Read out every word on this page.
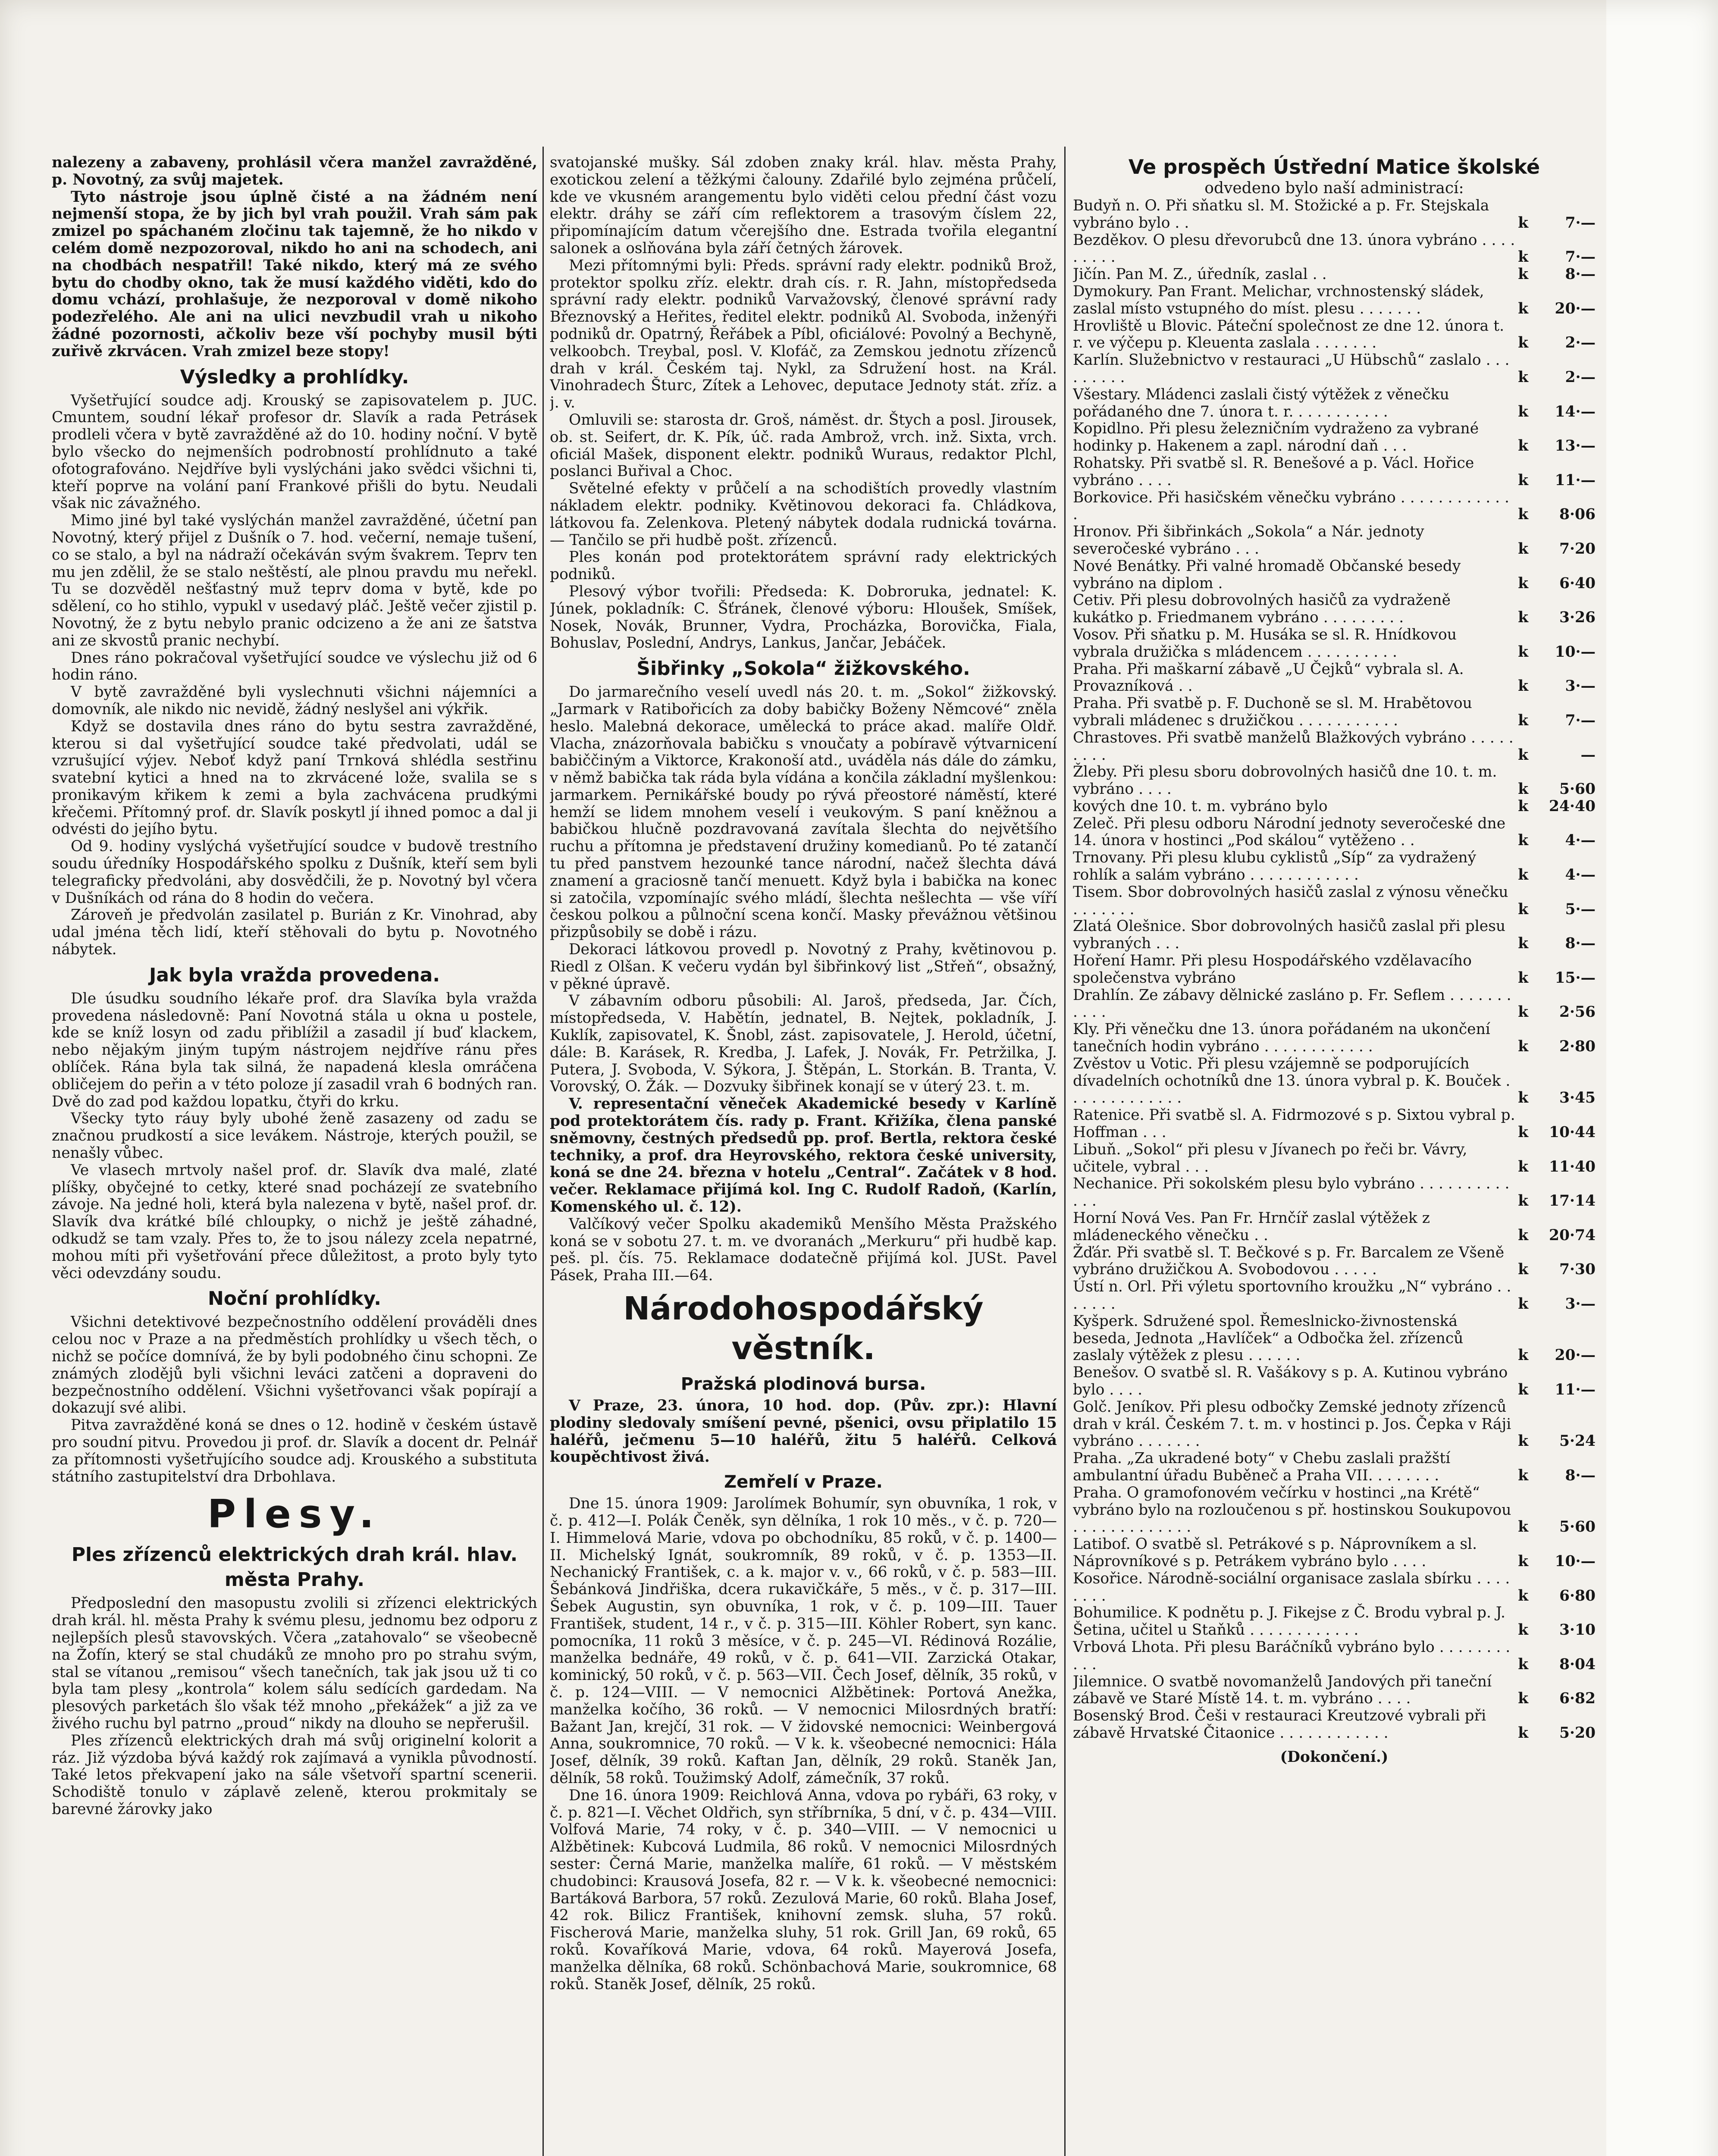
nalezeny a zabaveny, prohlásil včera manžel zavražděné, p. Novotný, za svůj majetek.

Tyto nástroje jsou úplně čisté a na žádném není nejmenší stopa, že by jich byl vrah použil. Vrah sám pak zmizel po spáchaném zločinu tak tajemně, že ho nikdo v celém domě nezpozoroval, nikdo ho ani na schodech, ani na chodbách nespatřil! Také nikdo, který má ze svého bytu do chodby okno, tak že musí každého viděti, kdo do domu vchází, prohlašuje, že nezporoval v domě nikoho podezřelého. Ale ani na ulici nevzbudil vrah u nikoho žádné pozornosti, ačkoliv beze vší pochyby musil býti zuřivě zkrvácen. Vrah zmizel beze stopy!

Výsledky a prohlídky.

Vyšetřující soudce adj. Krouský se zapisovatelem p. JUC. Cmuntem, soudní lékař profesor dr. Slavík a rada Petrásek prodleli včera v bytě zavražděné až do 10. hodiny noční. V bytě bylo všecko do nejmenších podrobností prohlídnuto a také ofotografováno. Nejdříve byli vyslýcháni jako svědci všichni ti, kteří poprve na volání paní Frankové přišli do bytu. Neudali však nic závažného.

Mimo jiné byl také vyslýchán manžel zavražděné, účetní pan Novotný, který přijel z Dušník o 7. hod. večerní, nemaje tušení, co se stalo, a byl na nádraží očekáván svým švakrem. Teprv ten mu jen zdělil, že se stalo neštěstí, ale plnou pravdu mu neřekl. Tu se dozvěděl nešťastný muž teprv doma v bytě, kde po sdělení, co ho stihlo, vypukl v usedavý pláč. Ještě večer zjistil p. Novotný, že z bytu nebylo pranic odcizeno a že ani ze šatstva ani ze skvostů pranic nechybí.

Dnes ráno pokračoval vyšetřující soudce ve výslechu již od 6 hodin ráno.

V bytě zavražděné byli vyslechnuti všichni nájemníci a domovník, ale nikdo nic nevidě, žádný neslyšel ani výkřik.

Když se dostavila dnes ráno do bytu sestra zavražděné, kterou si dal vyšetřující soudce také předvolati, udál se vzrušující výjev. Neboť když paní Trnková shlédla sestřinu svatební kytici a hned na to zkrvácené lože, svalila se s pronikavým křikem k zemi a byla zachvácena prudkými křečemi. Přítomný prof. dr. Slavík poskytl jí ihned pomoc a dal ji odvésti do jejího bytu.

Od 9. hodiny vyslýchá vyšetřující soudce v budově trestního soudu úředníky Hospodářského spolku z Dušník, kteří sem byli telegraficky předvoláni, aby dosvědčili, že p. Novotný byl včera v Dušníkách od rána do 8 hodin do večera.

Zároveň je předvolán zasilatel p. Burián z Kr. Vinohrad, aby udal jména těch lidí, kteří stěhovali do bytu p. Novotného nábytek.

Jak byla vražda provedena.

Dle úsudku soudního lékaře prof. dra Slavíka byla vražda provedena následovně: Paní Novotná stála u okna u postele, kde se kníž losyn od zadu přiblížil a zasadil jí buď klackem, nebo nějakým jiným tupým nástrojem nejdříve ránu přes oblíček. Rána byla tak silná, že napadená klesla omráčena obličejem do peřin a v této poloze jí zasadil vrah 6 bodných ran. Dvě do zad pod každou lopatku, čtyři do krku.

Všecky tyto ráuy byly ubohé ženě zasazeny od zadu se značnou prudkostí a sice levákem. Nástroje, kterých použil, se nenašly vůbec.

Ve vlasech mrtvoly našel prof. dr. Slavík dva malé, zlaté plíšky, obyčejné to cetky, které snad pocházejí ze svatebního závoje. Na jedné holi, která byla nalezena v bytě, našel prof. dr. Slavík dva krátké bílé chloupky, o nichž je ještě záhadné, odkudž se tam vzaly. Přes to, že to jsou nálezy zcela nepatrné, mohou míti při vyšetřování přece důležitost, a proto byly tyto věci odevzdány soudu.

Noční prohlídky.

Všichni detektivové bezpečnostního oddělení prováděli dnes celou noc v Praze a na předměstích prohlídky u všech těch, o nichž se počíce domnívá, že by byli podobného činu schopni. Ze známých zlodějů byli všichni leváci zatčeni a dopraveni do bezpečnostního oddělení. Všichni vyšetřovanci však popírají a dokazují své alibi.

Pitva zavražděné koná se dnes o 12. hodině v českém ústavě pro soudní pitvu. Provedou ji prof. dr. Slavík a docent dr. Pelnář za přítomnosti vyšetřujícího soudce adj. Krouského a substituta státního zastupitelství dra Drbohlava.

Plesy.
Ples zřízenců elektrických drah král. hlav. města Prahy.

Předposlední den masopustu zvolili si zřízenci elektrických drah král. hl. města Prahy k svému plesu, jednomu bez odporu z nejlepších plesů stavovských. Včera „zatahovalo“ se všeobecně na Žofín, který se stal chudáků ze mnoho pro po strahu svým, stal se vítanou „remisou“ všech tanečních, tak jak jsou už ti co byla tam plesy „kontrola“ kolem sálu sedících gardedam. Na plesových parketách šlo však též mnoho „překážek“ a již za ve živého ruchu byl patrno „proud“ nikdy na dlouho se nepřerušil.

Ples zřízenců elektrických drah má svůj originelní kolorit a ráz. Již výzdoba bývá každý rok zajímavá a vynikla původností. Také letos překvapení jako na sále všetvoří spartní scenerii. Schodiště tonulo v záplavě zeleně, kterou prokmitaly se barevné žárovky jako

svatojanské mušky. Sál zdoben znaky král. hlav. města Prahy, exotickou zelení a těžkými čalouny. Zdařilé bylo zejména průčelí, kde ve vkusném arangementu bylo viděti celou přední část vozu elektr. dráhy se září cím reflektorem a trasovým číslem 22, připomínajícím datum včerejšího dne. Estrada tvořila elegantní salonek a oslňována byla září četných žárovek.

Mezi přítomnými byli: Předs. správní rady elektr. podniků Brož, protektor spolku zříz. elektr. drah cís. r. R. Jahn, místopředseda správní rady elektr. podniků Varvažovský, členové správní rady Březnovský a Heřites, ředitel elektr. podniků Al. Svoboda, inženýři podniků dr. Opatrný, Řeřábek a Píbl, oficiálové: Povolný a Bechyně, velkoobch. Treybal, posl. V. Klofáč, za Zemskou jednotu zřízenců drah v král. Českém taj. Nykl, za Sdružení host. na Král. Vinohradech Šturc, Zítek a Lehovec, deputace Jednoty stát. zříz. a j. v.

Omluvili se: starosta dr. Groš, náměst. dr. Štych a posl. Jirousek, ob. st. Seifert, dr. K. Pík, úč. rada Ambrož, vrch. inž. Sixta, vrch. oficiál Mašek, disponent elektr. podniků Wuraus, redaktor Plchl, poslanci Buřival a Choc.

Světelné efekty v průčelí a na schodištích provedly vlastním nákladem elektr. podniky. Květinovou dekoraci fa. Chládkova, látkovou fa. Zelenkova. Pletený nábytek dodala rudnická továrna. — Tančilo se při hudbě pošt. zřízenců.

Ples konán pod protektorátem správní rady elektrických podniků.

Plesový výbor tvořili: Předseda: K. Dobroruka, jednatel: K. Júnek, pokladník: C. Šťránek, členové výboru: Hloušek, Smíšek, Nosek, Novák, Brunner, Vydra, Procházka, Borovička, Fiala, Bohuslav, Poslední, Andrys, Lankus, Jančar, Jebáček.

Šibřinky „Sokola“ žižkovského.

Do jarmarečního veselí uvedl nás 20. t. m. „Sokol“ žižkovský. „Jarmark v Ratibořicích za doby babičky Boženy Němcové“ zněla heslo. Malebná dekorace, umělecká to práce akad. malíře Oldř. Vlacha, znázorňovala babičku s vnoučaty a pobíravě výtvarnicení babiččiným a Viktorce, Krakonoší atd., uváděla nás dále do zámku, v němž babička tak ráda byla vídána a končila základní myšlenkou: jarmarkem. Pernikářské boudy po rývá přeostoré náměstí, které hemží se lidem mnohem veselí i veukovým. S paní kněžnou a babičkou hlučně pozdravovaná zavítala šlechta do největšího ruchu a přítomna je představení družiny komedianů. Po té zatančí tu před panstvem hezounké tance národní, načež šlechta dává znamení a graciosně tančí menuett. Když byla i babička na konec si zatočila, vzpomínajíc svého mládí, šlechta nešlechta — vše víří českou polkou a půlnoční scena končí. Masky převážnou většinou přizpůsobily se době i rázu.

Dekoraci látkovou provedl p. Novotný z Prahy, květinovou p. Riedl z Olšan. K večeru vydán byl šibřinkový list „Střeň“, obsažný, v pěkné úpravě.

V zábavním odboru působili: Al. Jaroš, předseda, Jar. Čích, místopředseda, V. Habětín, jednatel, B. Nejtek, pokladník, J. Kuklík, zapisovatel, K. Šnobl, zást. zapisovatele, J. Herold, účetní, dále: B. Karásek, R. Kredba, J. Lafek, J. Novák, Fr. Petržilka, J. Putera, J. Svoboda, V. Sýkora, J. Štěpán, L. Storkán. B. Tranta, V. Vorovský, O. Žák. — Dozvuky šibřinek konají se v úterý 23. t. m.

V. representační věneček Akademické besedy v Karlíně pod protektorátem čís. rady p. Frant. Křižíka, člena panské sněmovny, čestných předsedů pp. prof. Bertla, rektora české techniky, a prof. dra Heyrovského, rektora české university, koná se dne 24. března v hotelu „Central“. Začátek v 8 hod. večer. Reklamace přijímá kol. Ing C. Rudolf Radoň, (Karlín, Komenského ul. č. 12).

Valčíkový večer Spolku akademiků Menšího Města Pražského koná se v sobotu 27. t. m. ve dvoranách „Merkuru“ při hudbě kap. peš. pl. čís. 75. Reklamace dodatečně přijímá kol. JUSt. Pavel Pásek, Praha III.—64.

Národohospodářský věstník.
Pražská plodinová bursa.

V Praze, 23. února, 10 hod. dop. (Pův. zpr.): Hlavní plodiny sledovaly smíšení pevné, pšenici, ovsu připlatilo 15 haléřů, ječmenu 5—10 haléřů, žitu 5 haléřů. Celková koupěchtivost živá.

Zemřelí v Praze.

Dne 15. února 1909: Jarolímek Bohumír, syn obuvníka, 1 rok, v č. p. 412—I. Polák Čeněk, syn dělníka, 1 rok 10 měs., v č. p. 720—I. Himmelová Marie, vdova po obchodníku, 85 roků, v č. p. 1400—II. Michelský Ignát, soukromník, 89 roků, v č. p. 1353—II. Nechanický František, c. a k. major v. v., 66 roků, v č. p. 583—III. Šebánková Jindřiška, dcera rukavičkáře, 5 měs., v č. p. 317—III. Šebek Augustin, syn obuvníka, 1 rok, v č. p. 109—III. Tauer František, student, 14 r., v č. p. 315—III. Köhler Robert, syn kanc. pomocníka, 11 roků 3 měsíce, v č. p. 245—VI. Rédinová Rozálie, manželka bednáře, 49 roků, v č. p. 641—VII. Zarzická Otakar, kominický, 50 roků, v č. p. 563—VII. Čech Josef, dělník, 35 roků, v č. p. 124—VIII. — V nemocnici Alžbětinek: Portová Anežka, manželka kočího, 36 roků. — V nemocnici Milosrdných bratří: Bažant Jan, krejčí, 31 rok. — V židovské nemocnici: Weinbergová Anna, soukromnice, 70 roků. — V k. k. všeobecné nemocnici: Hála Josef, dělník, 39 roků. Kaftan Jan, dělník, 29 roků. Staněk Jan, dělník, 58 roků. Toužimský Adolf, zámečník, 37 roků.

Dne 16. února 1909: Reichlová Anna, vdova po rybáři, 63 roky, v č. p. 821—I. Věchet Oldřich, syn stříbrníka, 5 dní, v č. p. 434—VIII. Volfová Marie, 74 roky, v č. p. 340—VIII. — V nemocnici u Alžbětinek: Kubcová Ludmila, 86 roků. V nemocnici Milosrdných sester: Černá Marie, manželka malíře, 61 roků. — V městském chudobinci: Krausová Josefa, 82 r. — V k. k. všeobecné nemocnici: Bartáková Barbora, 57 roků. Zezulová Marie, 60 roků. Blaha Josef, 42 rok. Bilicz František, knihovní zemsk. sluha, 57 roků. Fischerová Marie, manželka sluhy, 51 rok. Grill Jan, 69 roků, 65 roků. Kovaříková Marie, vdova, 64 roků. Mayerová Josefa, manželka dělníka, 68 roků. Schönbachová Marie, soukromnice, 68 roků. Staněk Josef, dělník, 25 roků.

Ve prospěch Ústřední Matice školské

odvedeno bylo naší administrací:

Budyň n. O. Při sňatku sl. M. Stožické a p. Fr. Stejskala vybráno bylo . .	k	7·—
Bezděkov. O plesu dřevorubců dne 13. února vybráno . . . . . . . . .	k	7·—
Jičín. Pan M. Z., úředník, zaslal . .	k	8·—
Dymokury. Pan Frant. Melichar, vrchnostenský sládek, zaslal místo vstupného do míst. plesu . . . . . . .	k	20·—
Hrovliště u Blovic. Páteční společnost ze dne 12. února t. r. ve výčepu p. Kleuenta zaslala . . . . . . .	k	2·—
Karlín. Služebnictvo v restauraci „U Hübschů“ zaslalo . . . . . . . . .	k	2·—
Všestary. Mládenci zaslali čistý výtěžek z věnečku pořádaného dne 7. února t. r. . . . . . . . . . .	k	14·—
Kopidlno. Při plesu železničním vydraženo za vybrané hodinky p. Hakenem a zapl. národní daň . . .	k	13·—
Rohatsky. Při svatbě sl. R. Benešové a p. Václ. Hořice vybráno . . . .	k	11·—
Borkovice. Při hasičském věnečku vybráno . . . . . . . . . . . . .	k	8·06
Hronov. Při šibřinkách „Sokola“ a Nár. jednoty severočeské vybráno . . .	k	7·20
Nové Benátky. Při valné hromadě Občanské besedy vybráno na diplom .	k	6·40
Cetiv. Při plesu dobrovolných hasičů za vydraženě kukátko p. Friedmanem vybráno . . . . . . . . .	k	3·26
Vosov. Při sňatku p. M. Husáka se sl. R. Hnídkovou vybrala družička s mládencem . . . . . . . . . .	k	10·—
Praha. Při maškarní zábavě „U Čejků“ vybrala sl. A. Provazníková . .	k	3·—
Praha. Při svatbě p. F. Duchoně se sl. M. Hrabětovou vybrali mládenec s družičkou . . . . . . . . . . .	k	7·—
Chrastoves. Při svatbě manželů Blažkových vybráno . . . . . . . . .	k	—
Žleby. Při plesu sboru dobrovolných hasičů dne 10. t. m. vybráno . . . .	k	5·60
kových dne 10. t. m. vybráno bylo	k	24·40
Zeleč. Při plesu odboru Národní jednoty severočeské dne 14. února v hostinci „Pod skálou“ vytěženo . .	k	4·—
Trnovany. Při plesu klubu cyklistů „Síp“ za vydražený rohlík a salám vybráno . . . . . . . . . . . .	k	4·—
Tisem. Sbor dobrovolných hasičů zaslal z výnosu věnečku . . . . . . .	k	5·—
Zlatá Olešnice. Sbor dobrovolných hasičů zaslal při plesu vybraných . . .	k	8·—
Hoření Hamr. Při plesu Hospodářského vzdělavacího společenstva vybráno	k	15·—
Drahlín. Ze zábavy dělnické zasláno p. Fr. Seflem . . . . . . . . . . .	k	2·56
Kly. Při věnečku dne 13. února pořádaném na ukončení tanečních hodin vybráno . . . . . . . . . . . .	k	2·80
Zvěstov u Votic. Při plesu vzájemně se podporujících dívadelních ochotníků dne 13. února vybral p. K. Bouček . . . . . . . . . . . . .	k	3·45
Ratenice. Při svatbě sl. A. Fidrmozové s p. Sixtou vybral p. Hoffman . . .	k	10·44
Libuň. „Sokol“ při plesu v Jívanech po řeči br. Vávry, učitele, vybral . . .	k	11·40
Nechanice. Při sokolském plesu bylo vybráno . . . . . . . . . . . . .	k	17·14
Horní Nová Ves. Pan Fr. Hrnčíř zaslal výtěžek z mládeneckého věnečku . .	k	20·74
Žďár. Při svatbě sl. T. Bečkové s p. Fr. Barcalem ze Všeně vybráno družičkou A. Svobodovou . . . . .	k	7·30
Ústí n. Orl. Při výletu sportovního kroužku „N“ vybráno . . . . . . .	k	3·—
Kyšperk. Sdružené spol. Řemeslnicko-živnostenská beseda, Jednota „Havlíček“ a Odbočka žel. zřízenců zaslaly výtěžek z plesu . . . . . .	k	20·—
Benešov. O svatbě sl. R. Vašákovy s p. A. Kutinou vybráno bylo . . . .	k	11·—
Golč. Jeníkov. Při plesu odbočky Zemské jednoty zřízenců drah v král. Českém 7. t. m. v hostinci p. Jos. Čepka v Ráji vybráno . . . . . . .	k	5·24
Praha. „Za ukradené boty“ v Chebu zaslali pražští ambulantní úřadu Buběneč a Praha VII. . . . . . . .	k	8·—
Praha. O gramofonovém večírku v hostinci „na Krétě“ vybráno bylo na rozloučenou s př. hostinskou Soukupovou . . . . . . . . . . . . .	k	5·60
Latibof. O svatbě sl. Petrákové s p. Náprovníkem a sl. Náprovníkové s p. Petrákem vybráno bylo . . . .	k	10·—
Kosořice. Národně-sociální organisace zaslala sbírku . . . . . . . .	k	6·80
Bohumilice. K podnětu p. J. Fikejse z Č. Brodu vybral p. J. Šetina, učitel u Staňků . . . . . . . . . . . .	k	3·10
Vrbová Lhota. Při plesu Baráčníků vybráno bylo . . . . . . . . . . .	k	8·04
Jilemnice. O svatbě novomanželů Jandových při taneční zábavě ve Staré Místě 14. t. m. vybráno . . . .	k	6·82
Bosenský Brod. Češi v restauraci Kreutzové vybrali při zábavě Hrvatské Čitaonice . . . . . . . . . . . .	k	5·20

(Dokončení.)
